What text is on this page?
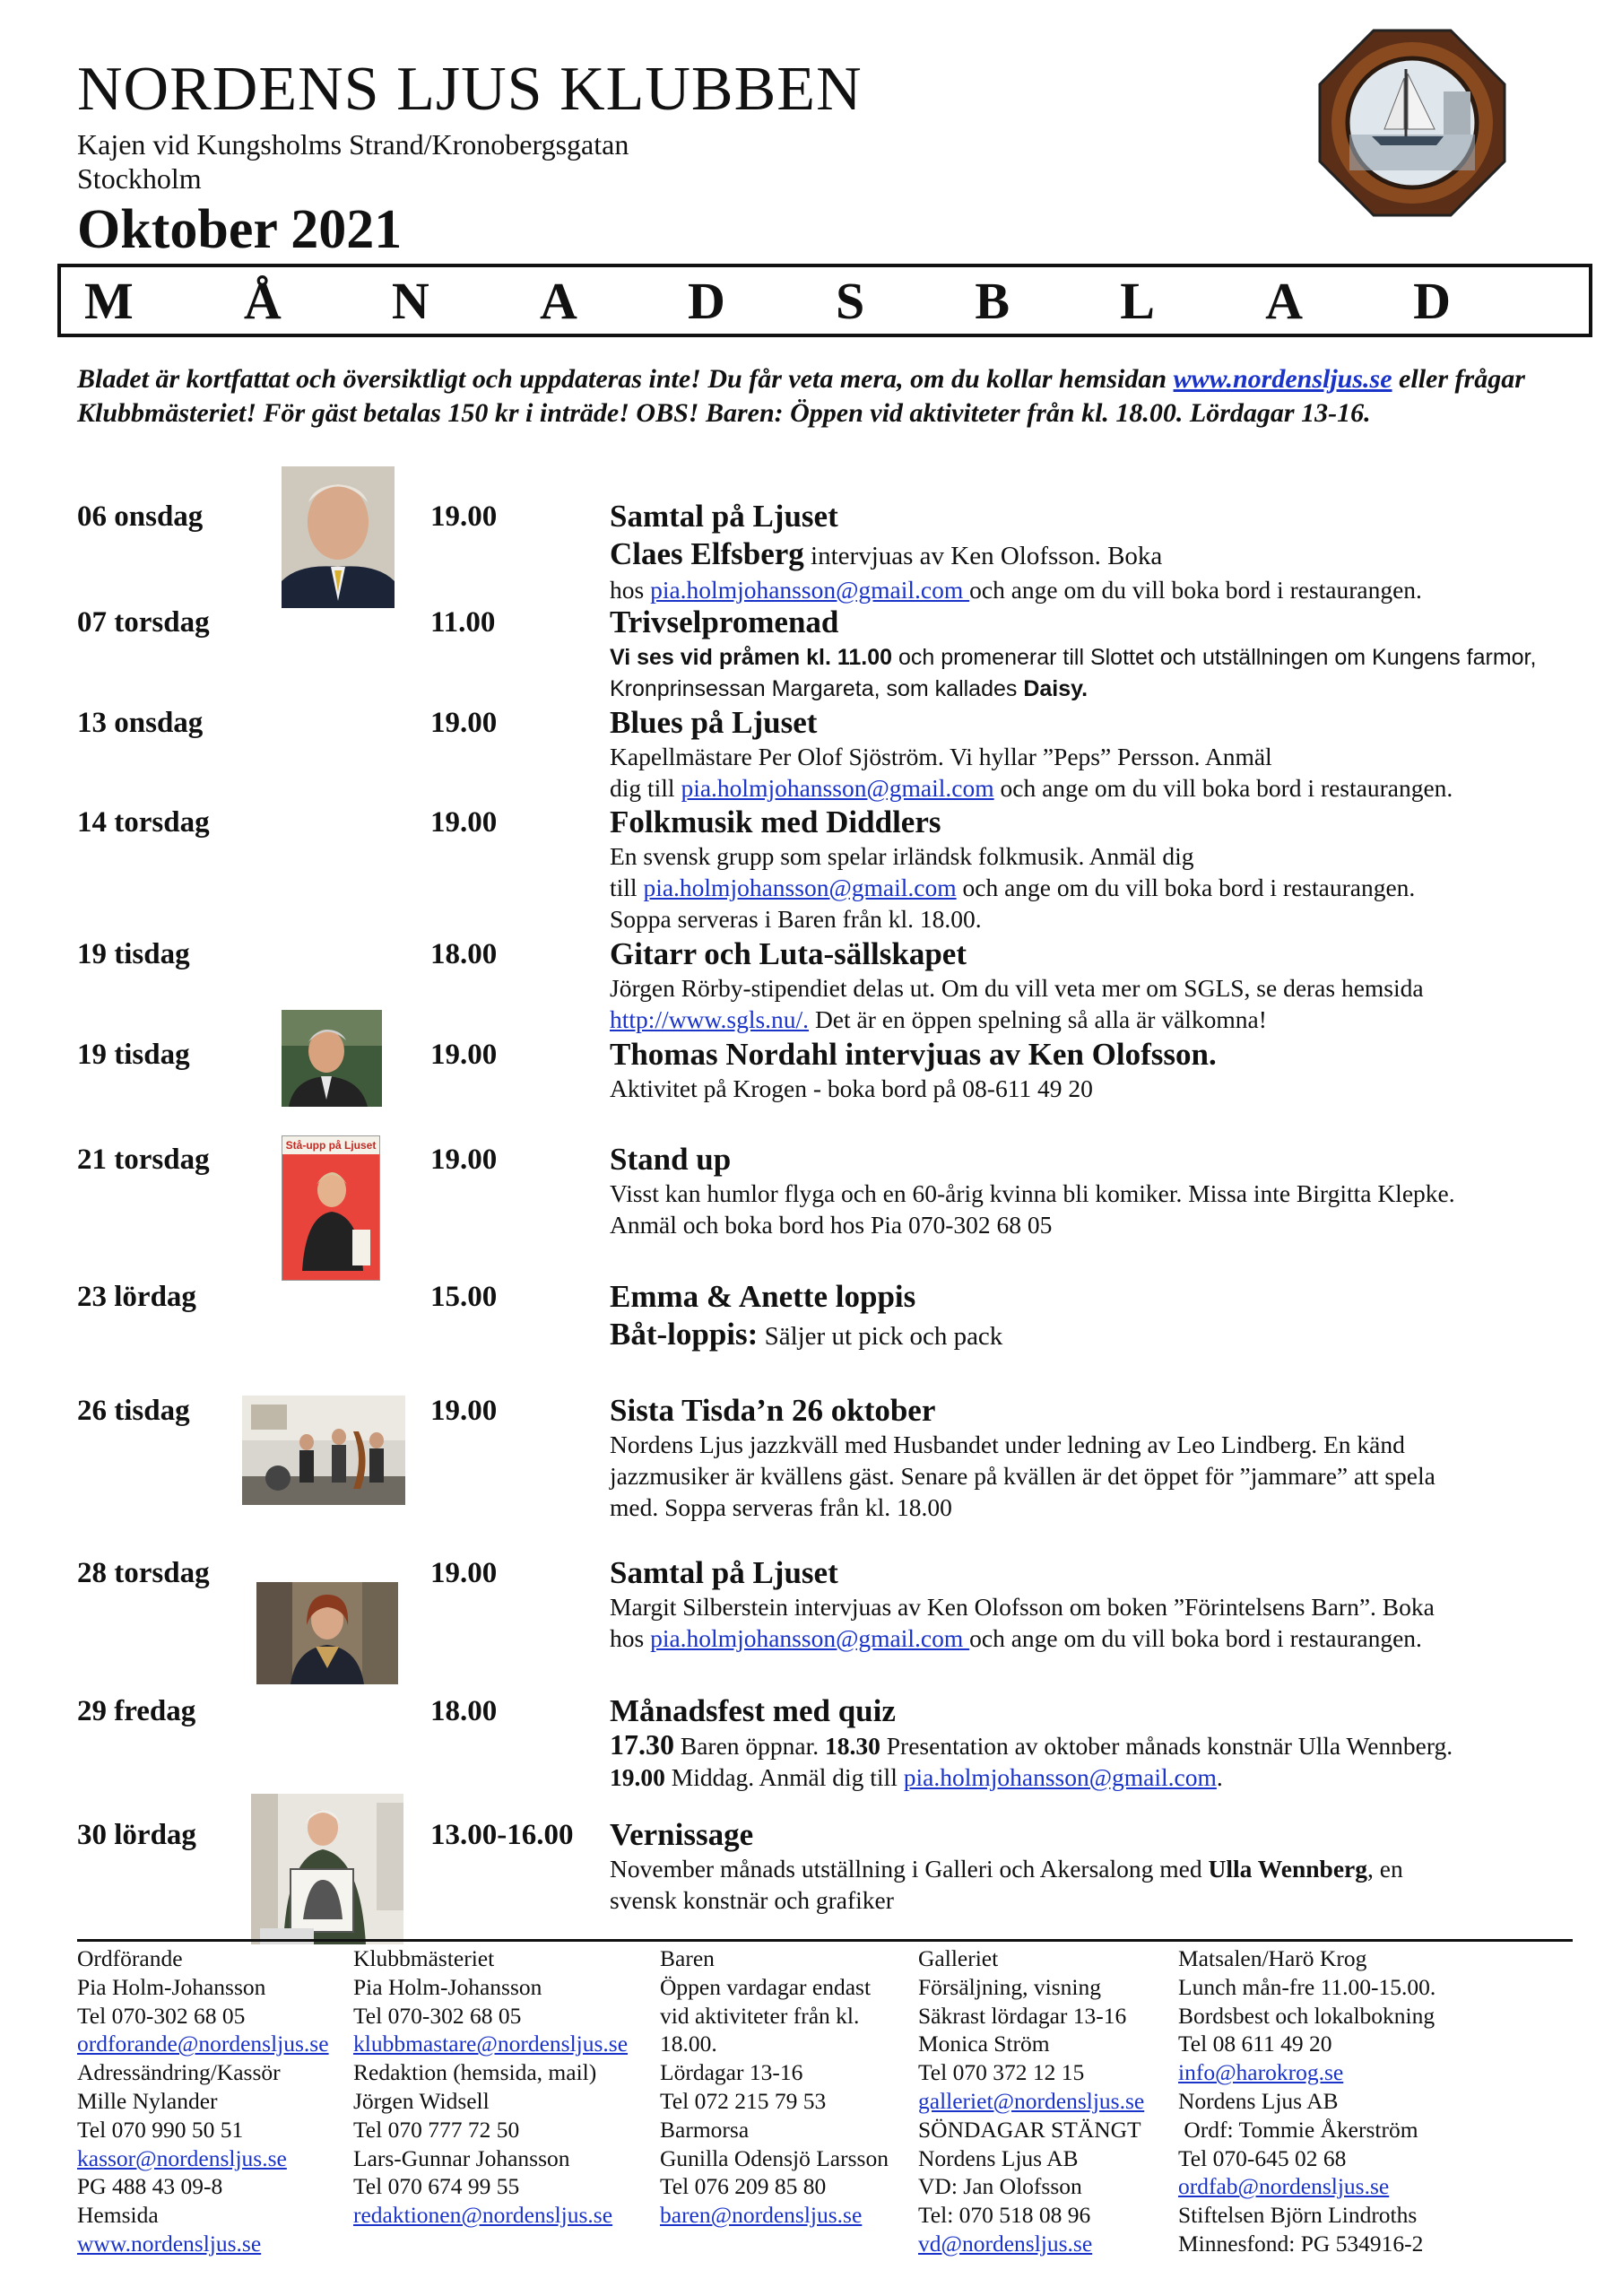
NORDENS LJUS KLUBBEN
Kajen vid Kungsholms Strand/Kronobergsgatan
Stockholm
Oktober 2021
M Å N A D S B L A D
Bladet är kortfattat och översiktligt och uppdateras inte! Du får veta mera, om du kollar hemsidan www.nordensljus.se eller frågar Klubbmästeriet! För gäst betalas 150 kr i inträde! OBS! Baren: Öppen vid aktiviteter från kl. 18.00. Lördagar 13-16.
06 onsdag	19.00	Samtal på Ljuset
Claes Elfsberg intervjuas av Ken Olofsson. Boka
hos pia.holmjohansson@gmail.com och ange om du vill boka bord i restaurangen.
07 torsdag	11.00	Trivselpromenad
Vi ses vid pråmen kl. 11.00 och promenerar till Slottet och utställningen om Kungens farmor, Kronprinsessan Margareta, som kallades Daisy.
13 onsdag	19.00	Blues på Ljuset
Kapellmästare Per Olof Sjöström. Vi hyllar ”Peps” Persson. Anmäl
dig till pia.holmjohansson@gmail.com och ange om du vill boka bord i restaurangen.
14 torsdag	19.00	Folkmusik med Diddlers
En svensk grupp som spelar irländsk folkmusik. Anmäl dig
till pia.holmjohansson@gmail.com och ange om du vill boka bord i restaurangen.
Soppa serveras i Baren från kl. 18.00.
19 tisdag	18.00	Gitarr och Luta-sällskapet
Jörgen Rörby-stipendiet delas ut. Om du vill veta mer om SGLS, se deras hemsida
http://www.sgls.nu/. Det är en öppen spelning så alla är välkomna!
19 tisdag	19.00	Thomas Nordahl intervjuas av Ken Olofsson.
Aktivitet på Krogen - boka bord på 08-611 49 20
21 torsdag	19.00	Stand up
Visst kan humlor flyga och en 60-årig kvinna bli komiker. Missa inte Birgitta Klepke.
Anmäl och boka bord hos Pia 070-302 68 05
Stå-upp på Ljuset
23 lördag	15.00	Emma & Anette loppis
Båt-loppis: Säljer ut pick och pack
26 tisdag	19.00	Sista Tisda’n 26 oktober
Nordens Ljus jazzkväll med Husbandet under ledning av Leo Lindberg. En känd
jazzmusiker är kvällens gäst. Senare på kvällen är det öppet för ”jammare” att spela
med. Soppa serveras från kl. 18.00
28 torsdag	19.00	Samtal på Ljuset
Margit Silberstein intervjuas av Ken Olofsson om boken ”Förintelsens Barn”. Boka
hos pia.holmjohansson@gmail.com och ange om du vill boka bord i restaurangen.
29 fredag	18.00	Månadsfest med quiz
17.30 Baren öppnar. 18.30 Presentation av oktober månads konstnär Ulla Wennberg.
19.00 Middag. Anmäl dig till pia.holmjohansson@gmail.com.
30 lördag	13.00-16.00 Vernissage
November månads utställning i Galleri och Akersalong med Ulla Wennberg, en
svensk konstnär och grafiker
Ordförande
Pia Holm-Johansson
Tel 070-302 68 05
ordforande@nordensljus.se
Adressändring/Kassör
Mille Nylander
Tel 070 990 50 51
kassor@nordensljus.se
PG 488 43 09-8
Hemsida
www.nordensljus.se
Klubbmästeriet
Pia Holm-Johansson
Tel 070-302 68 05
klubbmastare@nordensljus.se
Redaktion (hemsida, mail)
Jörgen Widsell
Tel 070 777 72 50
Lars-Gunnar Johansson
Tel 070 674 99 55
redaktionen@nordensljus.se
Baren
Öppen vardagar endast
vid aktiviteter från kl.
18.00.
Lördagar 13-16
Tel 072 215 79 53
Barmorsa
Gunilla Odensjö Larsson
Tel 076 209 85 80
baren@nordensljus.se
Galleriet
Försäljning, visning
Säkrast lördagar 13-16
Monica Ström
Tel 070 372 12 15
galleriet@nordensljus.se
SÖNDAGAR STÄNGT
Nordens Ljus AB
VD: Jan Olofsson
Tel: 070 518 08 96
vd@nordensljus.se
Matsalen/Harö Krog
Lunch mån-fre 11.00-15.00.
Bordsbest och lokalbokning
Tel 08 611 49 20
info@harokrog.se
Nordens Ljus AB
Ordf: Tommie Åkerström
Tel 070-645 02 68
ordfab@nordensljus.se
Stiftelsen Björn Lindroths
Minnesfond: PG 534916-2
